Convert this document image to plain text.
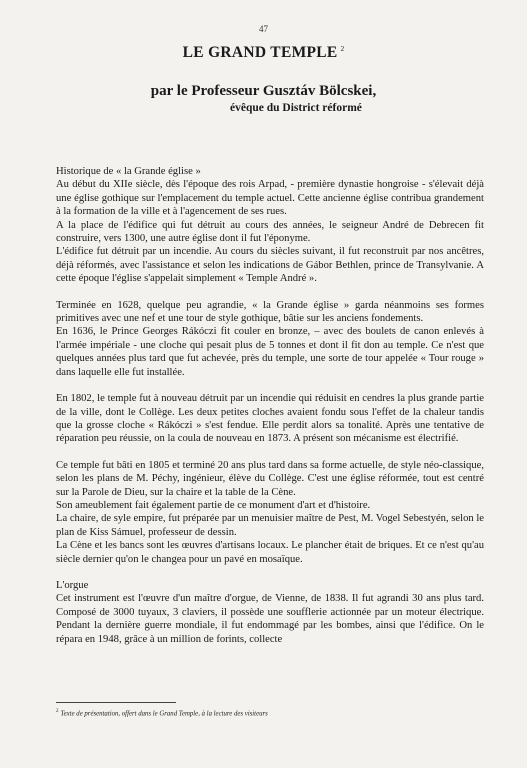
47
LE GRAND TEMPLE $^2$
par le Professeur Gusztáv Bölcskei,
évêque du District réformé

Historique de « la Grande église »

Au début du XIIe siècle, dès l'époque des rois Arpad, - première dynastie hongroise - s'élevait déjà une église gothique sur l'emplacement du temple actuel. Cette ancienne église contribua grandement à la formation de la ville et à l'agencement de ses rues.

A la place de l'édifice qui fut détruit au cours des années, le seigneur André de Debrecen fit construire, vers 1300, une autre église dont il fut l'éponyme.

L'édifice fut détruit par un incendie. Au cours du siècles suivant, il fut reconstruit par nos ancêtres, déjà réformés, avec l'assistance et selon les indications de Gábor Bethlen, prince de Transylvanie. A cette époque l'église s'appelait simplement « Temple André ».

Terminée en 1628, quelque peu agrandie, « la Grande église » garda néanmoins ses formes primitives avec une nef et une tour de style gothique, bâtie sur les anciens fondements.

En 1636, le Prince Georges Rákóczi fit couler en bronze, – avec des boulets de canon enlevés à l'armée impériale - une cloche qui pesait plus de 5 tonnes et dont il fit don au temple. Ce n'est que quelques années plus tard que fut achevée, près du temple, une sorte de tour appelée « Tour rouge » dans laquelle elle fut installée.

En 1802, le temple fut à nouveau détruit par un incendie qui réduisit en cendres la plus grande partie de la ville, dont le Collège. Les deux petites cloches avaient fondu sous l'effet de la chaleur tandis que la grosse cloche « Rákóczi » s'est fendue. Elle perdit alors sa tonalité. Après une tentative de réparation peu réussie, on la coula de nouveau en 1873. A présent son mécanisme est électrifié.

Ce temple fut bâti en 1805 et terminé 20 ans plus tard dans sa forme actuelle, de style néo-classique, selon les plans de M. Péchy, ingénieur, élève du Collège. C'est une église réformée, tout est centré sur la Parole de Dieu, sur la chaire et la table de la Cène.

Son ameublement fait également partie de ce monument d'art et d'histoire.

La chaire, de syle empire, fut préparée par un menuisier maître de Pest, M. Vogel Sebestyén, selon le plan de Kiss Sámuel, professeur de dessin.

La Cène et les bancs sont les œuvres d'artisans locaux. Le plancher était de briques. Et ce n'est qu'au siècle dernier qu'on le changea pour un pavé en mosaïque.

L'orgue

Cet instrument est l'œuvre d'un maître d'orgue, de Vienne, de 1838. Il fut agrandi 30 ans plus tard. Composé de 3000 tuyaux, 3 claviers, il possède une soufflerie actionnée par un moteur électrique. Pendant la dernière guerre mondiale, il fut endommagé par les bombes, ainsi que l'édifice. On le répara en 1948, grâce à un million de forints, collecte

$^2$ Texte de présentation, offert dans le Grand Temple, à la lecture des visiteurs
